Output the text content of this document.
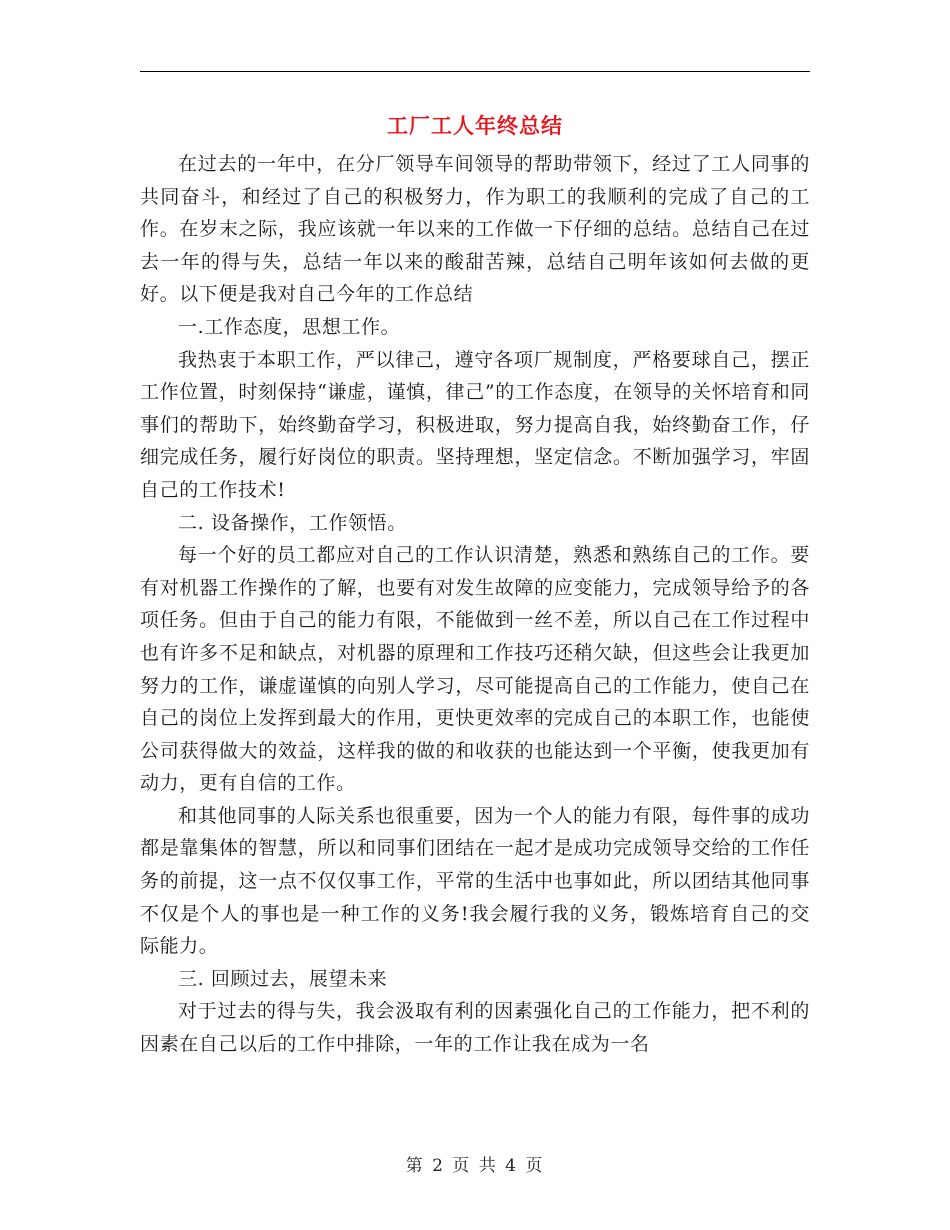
工厂工人年终总结

在过去的一年中，在分厂领导车间领导的帮助带领下，经过了工人同事的共同奋斗，和经过了自己的积极努力，作为职工的我顺利的完成了自己的工作。在岁末之际，我应该就一年以来的工作做一下仔细的总结。总结自己在过去一年的得与失，总结一年以来的酸甜苦辣，总结自己明年该如何去做的更好。以下便是我对自己今年的工作总结

一.工作态度，思想工作。

我热衷于本职工作，严以律己，遵守各项厂规制度，严格要球自己，摆正工作位置，时刻保持“谦虚，谨慎，律己”的工作态度，在领导的关怀培育和同事们的帮助下，始终勤奋学习，积极进取，努力提高自我，始终勤奋工作，仔细完成任务，履行好岗位的职责。坚持理想，坚定信念。不断加强学习，牢固自己的工作技术!

二. 设备操作，工作领悟。

每一个好的员工都应对自己的工作认识清楚，熟悉和熟练自己的工作。要有对机器工作操作的了解，也要有对发生故障的应变能力，完成领导给予的各项任务。但由于自己的能力有限，不能做到一丝不差，所以自己在工作过程中也有许多不足和缺点，对机器的原理和工作技巧还稍欠缺，但这些会让我更加努力的工作，谦虚谨慎的向别人学习，尽可能提高自己的工作能力，使自己在自己的岗位上发挥到最大的作用，更快更效率的完成自己的本职工作，也能使公司获得做大的效益，这样我的做的和收获的也能达到一个平衡，使我更加有动力，更有自信的工作。

和其他同事的人际关系也很重要，因为一个人的能力有限，每件事的成功都是靠集体的智慧，所以和同事们团结在一起才是成功完成领导交给的工作任务的前提，这一点不仅仅事工作，平常的生活中也事如此，所以团结其他同事不仅是个人的事也是一种工作的义务!我会履行我的义务，锻炼培育自己的交际能力。

三. 回顾过去，展望未来

对于过去的得与失，我会汲取有利的因素强化自己的工作能力，把不利的因素在自己以后的工作中排除，一年的工作让我在成为一名

第 2 页 共 4 页
